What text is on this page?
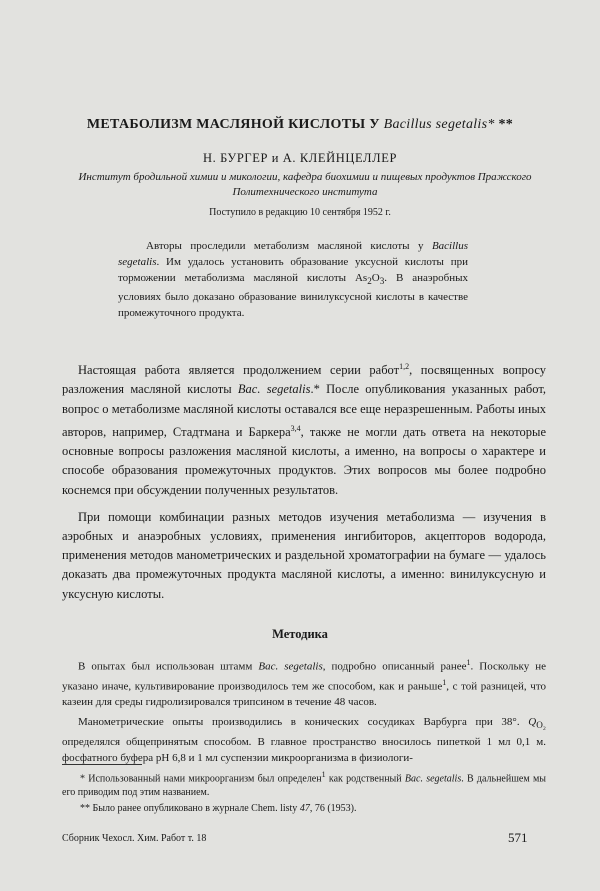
МЕТАБОЛИЗМ МАСЛЯНОЙ КИСЛОТЫ У Bacillus segetalis* **
Н. БУРГЕР и А. КЛЕЙНЦЕЛЛЕР
Институт бродильной химии и микологии, кафедра биохимии и пищевых продуктов Пражского Политехнического института
Поступило в редакцию 10 сентября 1952 г.

Авторы проследили метаболизм масляной кислоты у Bacillus segetalis. Им удалось установить образование уксусной кислоты при торможении метаболизма масляной кислоты $As_2O_3$. В анаэробных условиях было доказано образование винилуксусной кислоты в качестве промежуточного продукта.

Настоящая работа является продолжением серии работ$^{1,2}$, посвященных вопросу разложения масляной кислоты Bac. segetalis.* После опубликования указанных работ, вопрос о метаболизме масляной кислоты оставался все еще неразрешенным. Работы иных авторов, например, Стадтмана и Баркера$^{3,4}$, также не могли дать ответа на некоторые основные вопросы разложения масляной кислоты, а именно, на вопросы о характере и способе образования промежуточных продуктов. Этих вопросов мы более подробно коснемся при обсуждении полученных результатов.

При помощи комбинации разных методов изучения метаболизма — изучения в аэробных и анаэробных условиях, применения ингибиторов, акцепторов водорода, применения методов манометрических и раздельной хроматографии на бумаге — удалось доказать два промежуточных продукта масляной кислоты, а именно: винилуксусную и уксусную кислоты.

Методика

В опытах был использован штамм Bac. segetalis, подробно описанный ранее$^1$. Поскольку не указано иначе, культивирование производилось тем же способом, как и раньше$^1$, с той разницей, что казеин для среды гидролизировался трипсином в течение 48 часов.

Манометрические опыты производились в конических сосудиках Варбурга при 38°. $Q_{O_2}$ определялся общепринятым способом. В главное пространство вносилось пипеткой 1 мл 0,1 м. фосфатного буфера pH 6,8 и 1 мл суспензии микроорганизма в физиологи-

* Использованный нами микроорганизм был определен$^1$ как родственный Bac. segetalis. В дальнейшем мы его приводим под этим названием.

** Было ранее опубликовано в журнале Chem. listy 47, 76 (1953).

Сборник Чехосл. Хим. Работ т. 18	571
